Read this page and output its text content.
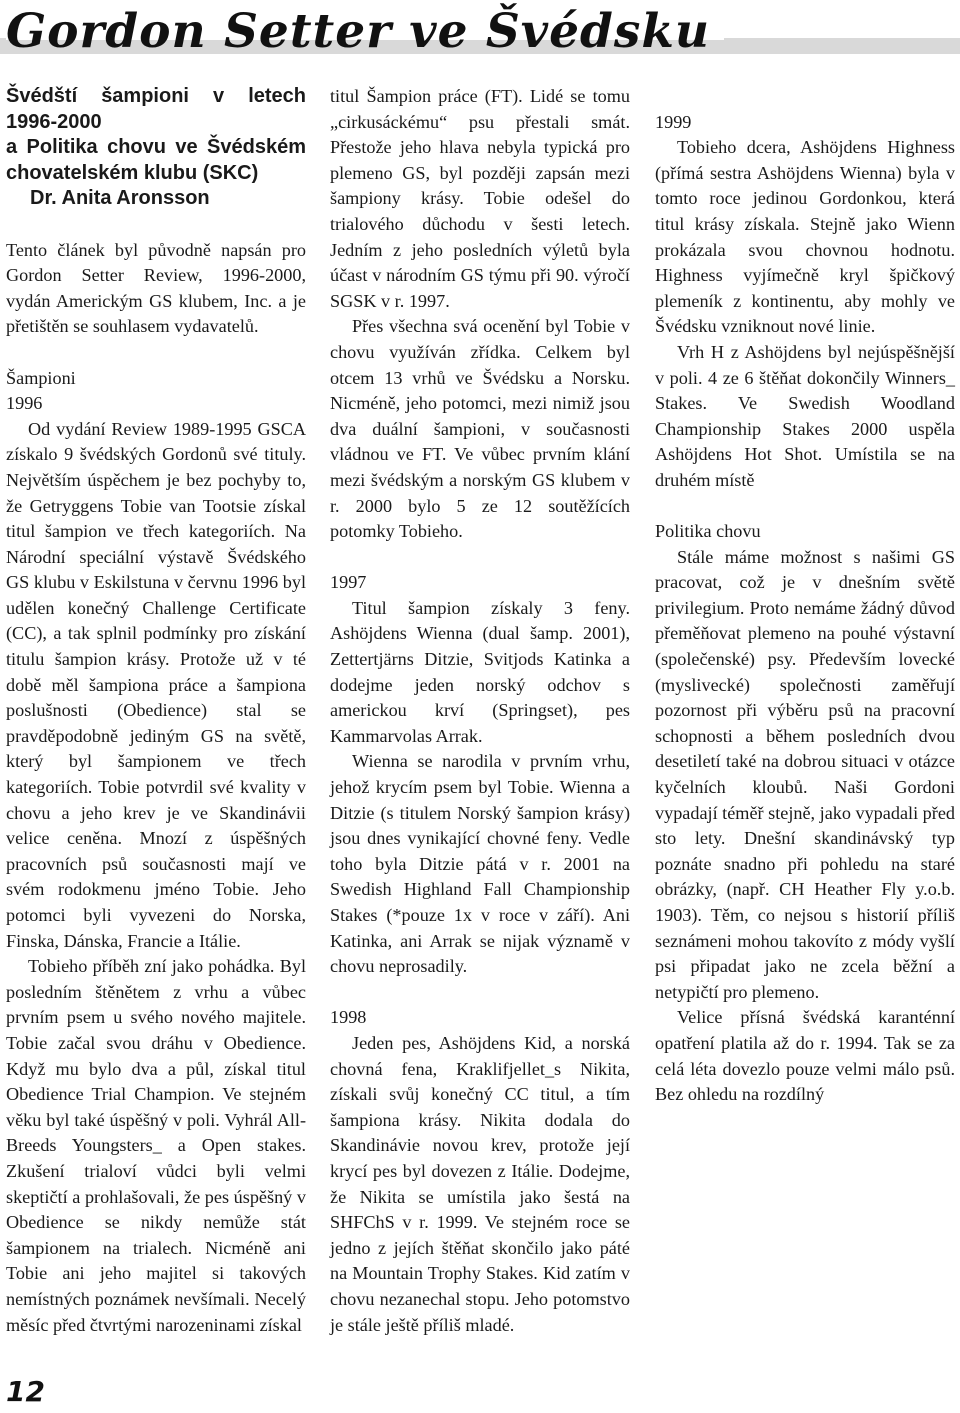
Gordon Setter ve Švédsku

Švédští šampioni v letech 1996-2000

a Politika chovu ve Švédském chovatelském klubu (SKC)

Dr. Anita Aronsson

Tento článek byl původně napsán pro Gordon Setter Review, 1996-2000, vydán Americkým GS klubem, Inc. a je přetištěn se souhlasem vydavatelů.

Šampioni

1996

Od vydání Review 1989-1995 GSCA získalo 9 švédských Gordonů své tituly. Největším úspěchem je bez pochyby to, že Getryggens Tobie van Tootsie získal titul šampion ve třech kategoriích. Na Národní speciální výstavě Švédského GS klubu v Eskilstuna v červnu 1996 byl udělen konečný Challenge Certificate (CC), a tak splnil podmínky pro získání titulu šampion krásy. Protože už v té době měl šampiona práce a šampiona poslušnosti (Obedience) stal se pravděpodobně jediným GS na světě, který byl šampionem ve třech kategoriích. Tobie potvrdil své kvality v chovu a jeho krev je ve Skandinávii velice ceněna. Mnozí z úspěšných pracovních psů současnosti mají ve svém rodokmenu jméno Tobie. Jeho potomci byli vyvezeni do Norska, Finska, Dánska, Francie a Itálie.

Tobieho příběh zní jako pohádka. Byl posledním štěnětem z vrhu a vůbec prvním psem u svého nového majitele. Tobie začal svou dráhu v Obedience. Když mu bylo dva a půl, získal titul Obedience Trial Champion. Ve stejném věku byl také úspěšný v poli. Vyhrál All-Breeds Youngsters_ a Open stakes. Zkušení trialoví vůdci byli velmi skeptičtí a prohlašovali, že pes úspěšný v Obedience se nikdy nemůže stát šampionem na trialech. Nicméně ani Tobie ani jeho majitel si takových nemístných poznámek nevšímali. Necelý měsíc před čtvrtými narozeninami získal

titul Šampion práce (FT). Lidé se tomu „cirkusáckému“ psu přestali smát. Přestože jeho hlava nebyla typická pro plemeno GS, byl později zapsán mezi šampiony krásy. Tobie odešel do trialového důchodu v šesti letech. Jedním z jeho posledních výletů byla účast v národním GS týmu při 90. výročí SGSK v r. 1997.

Přes všechna svá ocenění byl Tobie v chovu využíván zřídka. Celkem byl otcem 13 vrhů ve Švédsku a Norsku. Nicméně, jeho potomci, mezi nimiž jsou dva duální šampioni, v současnosti vládnou ve FT. Ve vůbec prvním klání mezi švédským a norským GS klubem v r. 2000 bylo 5 ze 12 soutěžících potomky Tobieho.

1997

Titul šampion získaly 3 feny. Ashöjdens Wienna (dual šamp. 2001), Zettertjärns Ditzie, Svitjods Katinka a dodejme jeden norský odchov s americkou krví (Springset), pes Kammarvolas Arrak.

Wienna se narodila v prvním vrhu, jehož krycím psem byl Tobie. Wienna a Ditzie (s titulem Norský šampion krásy) jsou dnes vynikající chovné feny. Vedle toho byla Ditzie pátá v r. 2001 na Swedish Highland Fall Championship Stakes (*pouze 1x v roce v září). Ani Katinka, ani Arrak se nijak významě v chovu neprosadily.

1998

Jeden pes, Ashöjdens Kid, a norská chovná fena, Kraklifjellet_s Nikita, získali svůj konečný CC titul, a tím šampiona krásy. Nikita dodala do Skandinávie novou krev, protože její krycí pes byl dovezen z Itálie. Dodejme, že Nikita se umístila jako šestá na SHFChS v r. 1999. Ve stejném roce se jedno z jejích štěňat skončilo jako páté na Mountain Trophy Stakes. Kid zatím v chovu nezanechal stopu. Jeho potomstvo je stále ještě příliš mladé.

1999

Tobieho dcera, Ashöjdens Highness (přímá sestra Ashöjdens Wienna) byla v tomto roce jedinou Gordonkou, která titul krásy získala. Stejně jako Wienn prokázala svou chovnou hodnotu. Highness vyjímečně kryl špičkový plemeník z kontinentu, aby mohly ve Švédsku vzniknout nové linie.

Vrh H z Ashöjdens byl nejúspěšnější v poli. 4 ze 6 štěňat dokončily Winners_ Stakes. Ve Swedish Woodland Championship Stakes 2000 uspěla Ashöjdens Hot Shot. Umístila se na druhém místě

Politika chovu

Stále máme možnost s našimi GS pracovat, což je v dnešním světě privilegium. Proto nemáme žádný důvod přeměňovat plemeno na pouhé výstavní (společenské) psy. Především lovecké (myslivecké) společnosti zaměřují pozornost při výběru psů na pracovní schopnosti a během posledních dvou desetiletí také na dobrou situaci v otázce kyčelních kloubů. Naši Gordoni vypadají téměř stejně, jako vypadali před sto lety. Dnešní skandinávský typ poznáte snadno při pohledu na staré obrázky, (např. CH Heather Fly y.o.b. 1903). Těm, co nejsou s historií příliš seznámeni mohou takovíto z módy vyšlí psi připadat jako ne zcela běžní a netypičtí pro plemeno.

Velice přísná švédská karanténní opatření platila až do r. 1994. Tak se za celá léta dovezlo pouze velmi málo psů. Bez ohledu na rozdílný

12
